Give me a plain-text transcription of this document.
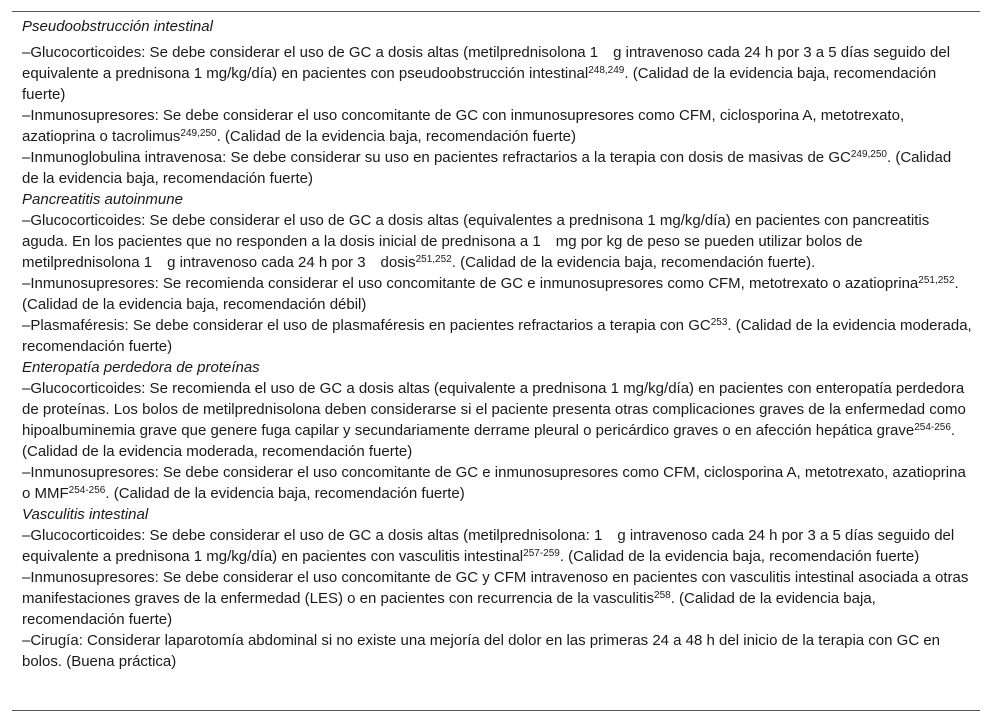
Pseudoobstrucción intestinal

–Glucocorticoides: Se debe considerar el uso de GC a dosis altas (metilprednisolona 1 g intravenoso cada 24 h por 3 a 5 días seguido del equivalente a prednisona 1 mg/kg/día) en pacientes con pseudoobstrucción intestinal$^{248,249}$. (Calidad de la evidencia baja, recomendación fuerte)

–Inmunosupresores: Se debe considerar el uso concomitante de GC con inmunosupresores como CFM, ciclosporina A, metotrexato, azatioprina o tacrolimus$^{249,250}$. (Calidad de la evidencia baja, recomendación fuerte)

–Inmunoglobulina intravenosa: Se debe considerar su uso en pacientes refractarios a la terapia con dosis de masivas de GC$^{249,250}$. (Calidad de la evidencia baja, recomendación fuerte)

Pancreatitis autoinmune

–Glucocorticoides: Se debe considerar el uso de GC a dosis altas (equivalentes a prednisona 1 mg/kg/día) en pacientes con pancreatitis aguda. En los pacientes que no responden a la dosis inicial de prednisona a 1 mg por kg de peso se pueden utilizar bolos de metilprednisolona 1 g intravenoso cada 24 h por 3 dosis$^{251,252}$. (Calidad de la evidencia baja, recomendación fuerte).

–Inmunosupresores: Se recomienda considerar el uso concomitante de GC e inmunosupresores como CFM, metotrexato o azatioprina$^{251,252}$. (Calidad de la evidencia baja, recomendación débil)

–Plasmaféresis: Se debe considerar el uso de plasmaféresis en pacientes refractarios a terapia con GC$^{253}$. (Calidad de la evidencia moderada, recomendación fuerte)

Enteropatía perdedora de proteínas

–Glucocorticoides: Se recomienda el uso de GC a dosis altas (equivalente a prednisona 1 mg/kg/día) en pacientes con enteropatía perdedora de proteínas. Los bolos de metilprednisolona deben considerarse si el paciente presenta otras complicaciones graves de la enfermedad como hipoalbuminemia grave que genere fuga capilar y secundariamente derrame pleural o pericárdico graves o en afección hepática grave$^{254-256}$. (Calidad de la evidencia moderada, recomendación fuerte)

–Inmunosupresores: Se debe considerar el uso concomitante de GC e inmunosupresores como CFM, ciclosporina A, metotrexato, azatioprina o MMF$^{254-256}$. (Calidad de la evidencia baja, recomendación fuerte)

Vasculitis intestinal

–Glucocorticoides: Se debe considerar el uso de GC a dosis altas (metilprednisolona: 1 g intravenoso cada 24 h por 3 a 5 días seguido del equivalente a prednisona 1 mg/kg/día) en pacientes con vasculitis intestinal$^{257-259}$. (Calidad de la evidencia baja, recomendación fuerte)

–Inmunosupresores: Se debe considerar el uso concomitante de GC y CFM intravenoso en pacientes con vasculitis intestinal asociada a otras manifestaciones graves de la enfermedad (LES) o en pacientes con recurrencia de la vasculitis$^{258}$. (Calidad de la evidencia baja, recomendación fuerte)

–Cirugía: Considerar laparotomía abdominal si no existe una mejoría del dolor en las primeras 24 a 48 h del inicio de la terapia con GC en bolos. (Buena práctica)
